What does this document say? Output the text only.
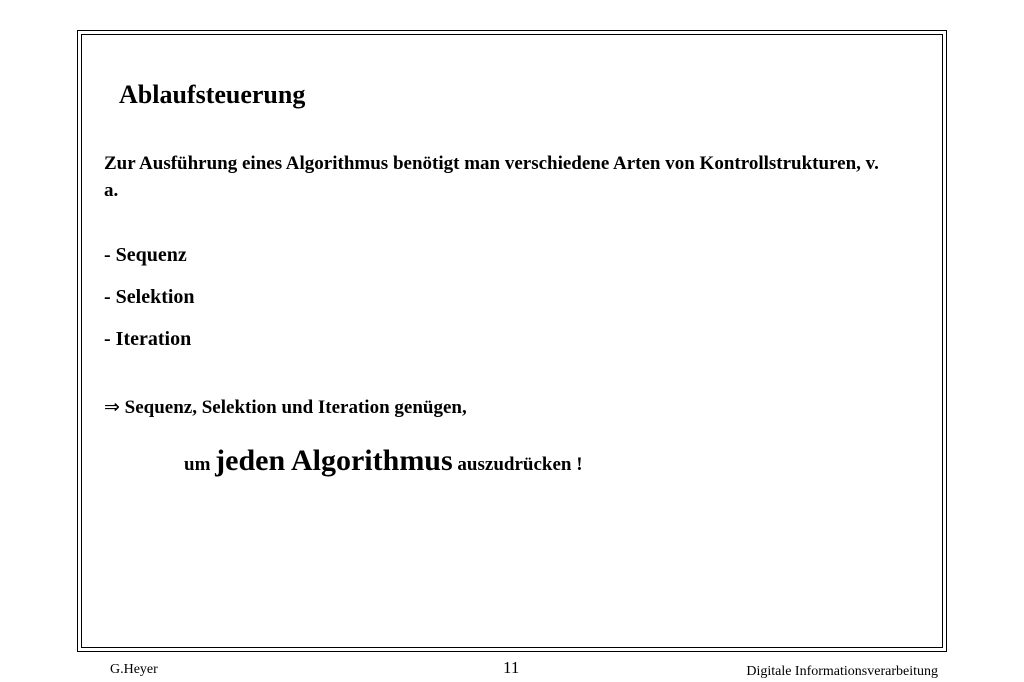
Ablaufsteuerung
Zur Ausführung eines Algorithmus benötigt man verschiedene Arten von Kontrollstrukturen, v. a.
- Sequenz
- Selektion
- Iteration
⇒ Sequenz, Selektion und Iteration genügen,
um jeden Algorithmus auszudrücken !
G.Heyer	11	Digitale Informationsverarbeitung
